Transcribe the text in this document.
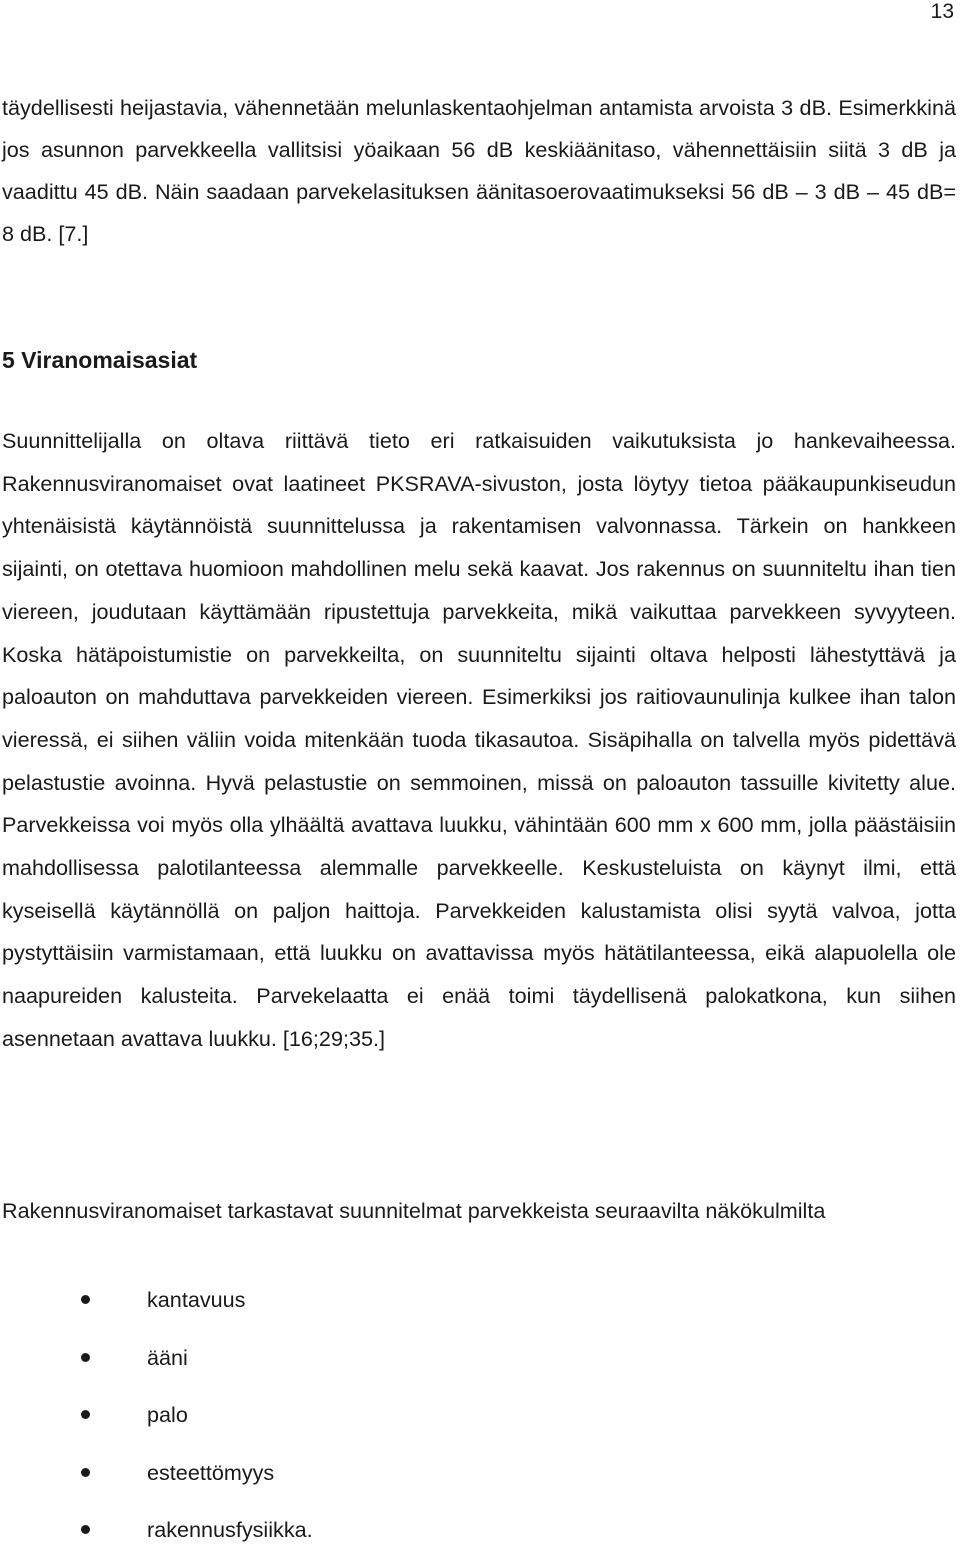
13

täydellisesti heijastavia, vähennetään melunlaskentaohjelman antamista arvoista 3 dB. Esimerkkinä jos asunnon parvekkeella vallitsisi yöaikaan 56 dB keskiäänitaso, vähennettäisiin siitä 3 dB ja vaadittu 45 dB. Näin saadaan parvekelasituksen äänitasoerovaatimukseksi 56 dB – 3 dB – 45 dB= 8 dB. [7.]

5 Viranomaisasiat

Suunnittelijalla on oltava riittävä tieto eri ratkaisuiden vaikutuksista jo hankevaiheessa. Rakennusviranomaiset ovat laatineet PKSRAVA-sivuston, josta löytyy tietoa pääkaupunkiseudun yhtenäisistä käytännöistä suunnittelussa ja rakentamisen valvonnassa. Tärkein on hankkeen sijainti, on otettava huomioon mahdollinen melu sekä kaavat. Jos rakennus on suunniteltu ihan tien viereen, joudutaan käyttämään ripustettuja parvekkeita, mikä vaikuttaa parvekkeen syvyyteen. Koska hätäpoistumistie on parvekkeilta, on suunniteltu sijainti oltava helposti lähestyttävä ja paloauton on mahduttava parvekkeiden viereen. Esimerkiksi jos raitiovaunulinja kulkee ihan talon vieressä, ei siihen väliin voida mitenkään tuoda tikasautoa. Sisäpihalla on talvella myös pidettävä pelastustie avoinna. Hyvä pelastustie on semmoinen, missä on paloauton tassuille kivitetty alue. Parvekkeissa voi myös olla ylhäältä avattava luukku, vähintään 600 mm x 600 mm, jolla päästäisiin mahdollisessa palotilanteessa alemmalle parvekkeelle. Keskusteluista on käynyt ilmi, että kyseisellä käytännöllä on paljon haittoja. Parvekkeiden kalustamista olisi syytä valvoa, jotta pystyttäisiin varmistamaan, että luukku on avattavissa myös hätätilanteessa, eikä alapuolella ole naapureiden kalusteita. Parvekelaatta ei enää toimi täydellisenä palokatkona, kun siihen asennetaan avattava luukku. [16;29;35.]

Rakennusviranomaiset tarkastavat suunnitelmat parvekkeista seuraavilta näkökulmilta

kantavuus
ääni
palo
esteettömyys
rakennusfysiikka.
